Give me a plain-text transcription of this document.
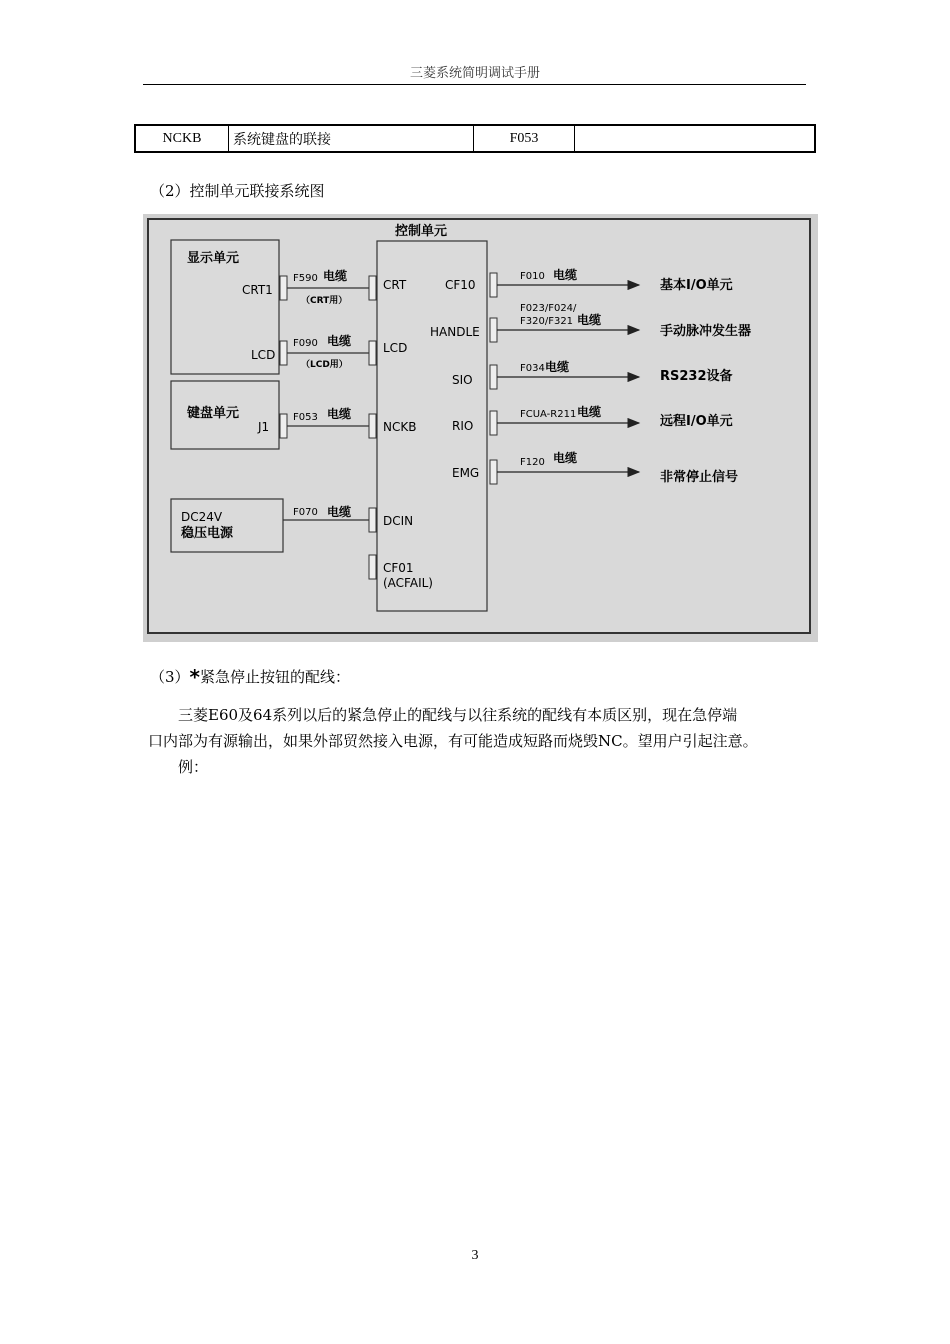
三菱系统简明调试手册
NCKB	系统键盘的联接	F053	
（2）控制单元联接系统图
显示单元
CRT1
LCD
键盘单元
J1
DC24V
稳压电源
控制单元
F590 电缆
（CRT用）
F090 电缆
（LCD用）
F053 电缆
F070 电缆
CRT
LCD
NCKB
DCIN
CF01
(ACFAIL)
CF10
HANDLE
SIO
RIO
EMG
F010 电缆
F023/F024/
F320/F321 电缆
F034 电缆
FCUA-R211 电缆
F120 电缆
基本I/O单元
手动脉冲发生器
RS232设备
远程I/O单元
非常停止信号
（3）*紧急停止按钮的配线：
三菱E60及64系列以后的紧急停止的配线与以往系统的配线有本质区别，现在急停端
口内部为有源输出，如果外部贸然接入电源，有可能造成短路而烧毁NC。望用户引起注意。
例：
3
